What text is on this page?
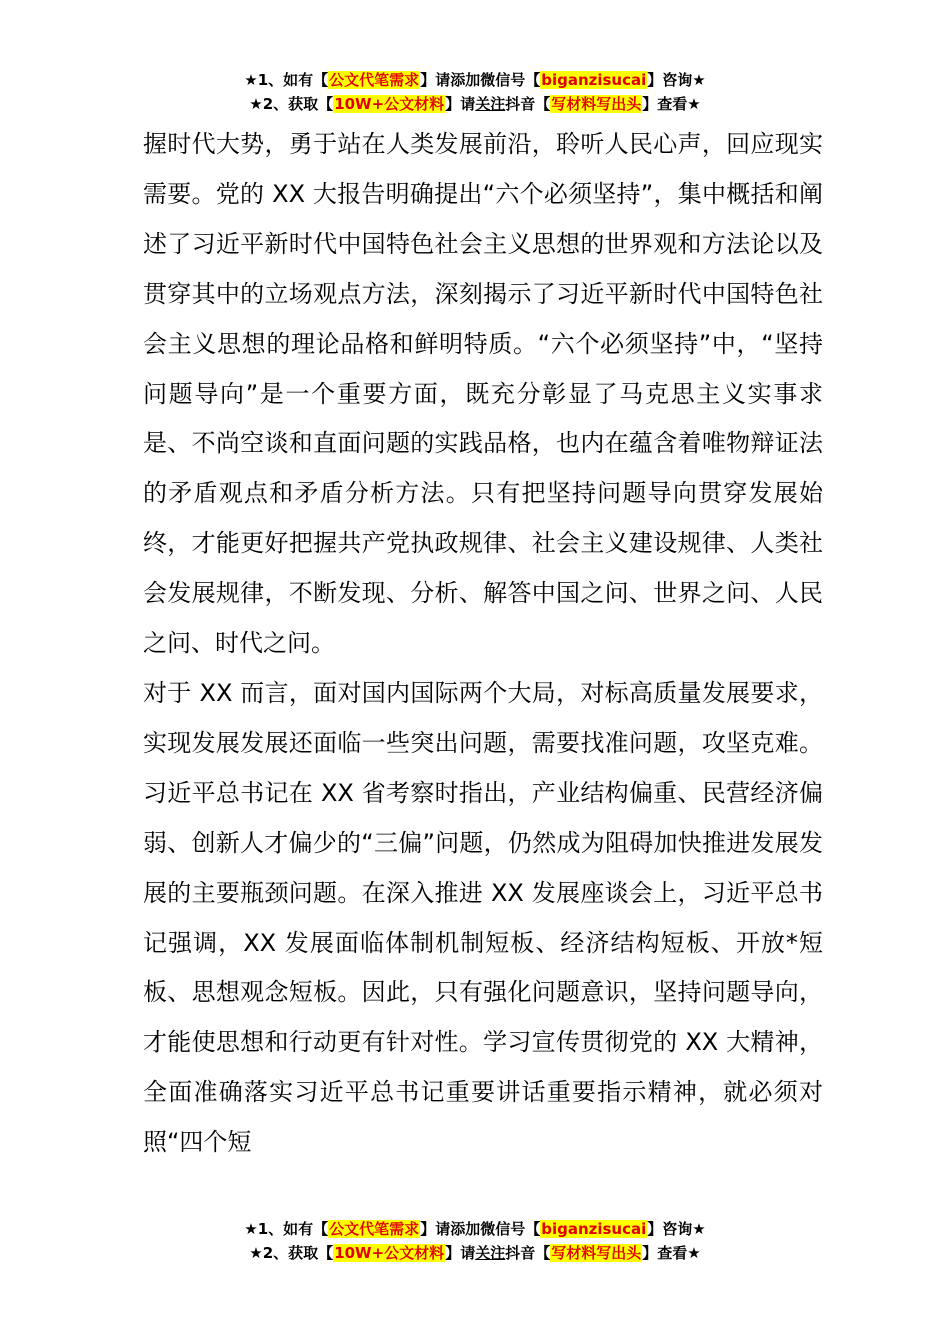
★1、如有【公文代笔需求】请添加微信号【biganzisucai】咨询★
★2、获取【10W+公文材料】请关注抖音【写材料写出头】查看★

握时代大势，勇于站在人类发展前沿，聆听人民心声，回应现实需要。党的 XX 大报告明确提出“六个必须坚持”，集中概括和阐述了习近平新时代中国特色社会主义思想的世界观和方法论以及贯穿其中的立场观点方法，深刻揭示了习近平新时代中国特色社会主义思想的理论品格和鲜明特质。“六个必须坚持”中，“坚持问题导向”是一个重要方面，既充分彰显了马克思主义实事求是、不尚空谈和直面问题的实践品格，也内在蕴含着唯物辩证法的矛盾观点和矛盾分析方法。只有把坚持问题导向贯穿发展始终，才能更好把握共产党执政规律、社会主义建设规律、人类社会发展规律，不断发现、分析、解答中国之问、世界之问、人民之问、时代之问。

对于 XX 而言，面对国内国际两个大局，对标高质量发展要求，实现发展发展还面临一些突出问题，需要找准问题，攻坚克难。习近平总书记在 XX 省考察时指出，产业结构偏重、民营经济偏弱、创新人才偏少的“三偏”问题，仍然成为阻碍加快推进发展发展的主要瓶颈问题。在深入推进 XX 发展座谈会上，习近平总书记强调，XX 发展面临体制机制短板、经济结构短板、开放*短板、思想观念短板。因此，只有强化问题意识，坚持问题导向，才能使思想和行动更有针对性。学习宣传贯彻党的 XX 大精神，全面准确落实习近平总书记重要讲话重要指示精神，就必须对照“四个短

★1、如有【公文代笔需求】请添加微信号【biganzisucai】咨询★
★2、获取【10W+公文材料】请关注抖音【写材料写出头】查看★
